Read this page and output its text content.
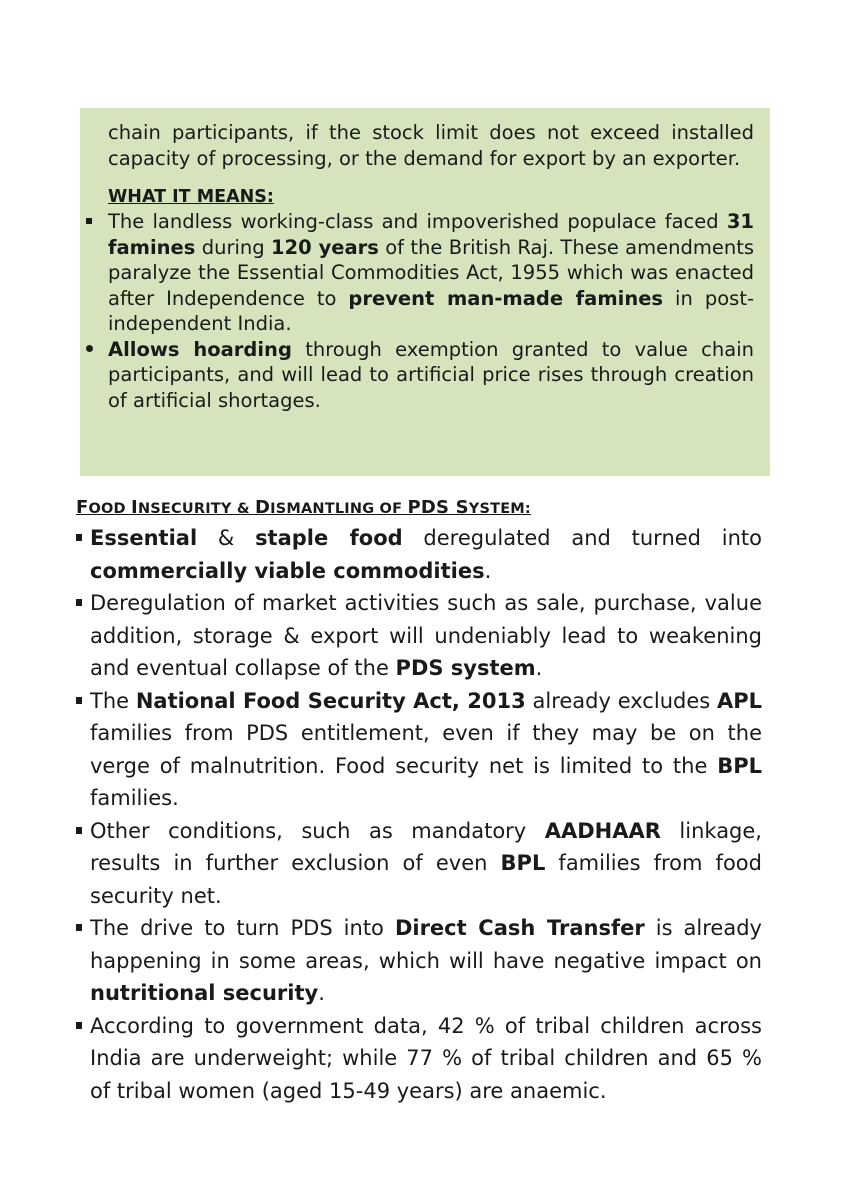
chain participants, if the stock limit does not exceed installed capacity of processing, or the demand for export by an exporter.

WHAT IT MEANS:

The landless working-class and impoverished populace faced 31 famines during 120 years of the British Raj. These amendments paralyze the Essential Commodities Act, 1955 which was enacted after Independence to prevent man-made famines in post-independent India.
Allows hoarding through exemption granted to value chain participants, and will lead to artificial price rises through creation of artificial shortages.

FOOD INSECURITY & DISMANTLING OF PDS SYSTEM:

Essential & staple food deregulated and turned into commercially viable commodities.
Deregulation of market activities such as sale, purchase, value addition, storage & export will undeniably lead to weakening and eventual collapse of the PDS system.
The National Food Security Act, 2013 already excludes APL families from PDS entitlement, even if they may be on the verge of malnutrition. Food security net is limited to the BPL families.
Other conditions, such as mandatory AADHAAR linkage, results in further exclusion of even BPL families from food security net.
The drive to turn PDS into Direct Cash Transfer is already happening in some areas, which will have negative impact on nutritional security.
According to government data, 42 % of tribal children across India are underweight; while 77 % of tribal children and 65 % of tribal women (aged 15-49 years) are anaemic.
